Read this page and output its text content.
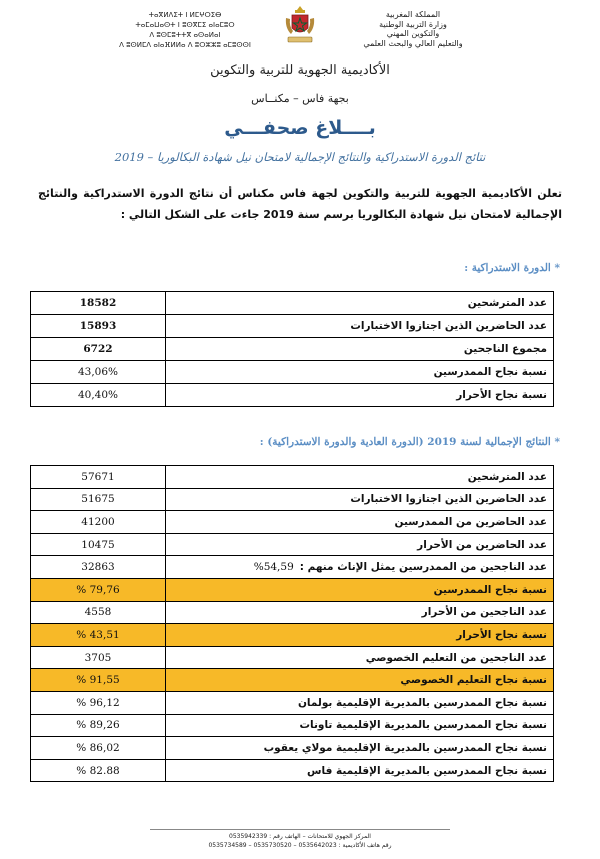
ⵜⴰⴳⵍⴷⵉⵜ ⵏ ⵍⵎⵖⵔⵉⴱ
ⵜⴰⵎⴰⵡⴰⵙⵜ ⵏ ⵓⵙⴳⵎⵉ ⴰⵏⴰⵎⵓⵔ
ⴷ ⵓⵙⵎⵓⵜⵜⴳ ⴰⵙⴰⵍⴰⵏ
ⴷ ⵓⵙⵍⵎⴷ ⴰⵏⴰⴼⵍⵍⴰ ⴷ ⵓⵔⵣⵣⵓ ⴰⵎⵓⵙⵙⵏ
المملكة المغربية
وزارة التربية الوطنية
والتكوين المهني
والتعليم العالي والبحث العلمي
الأكاديمية الجهوية للتربية والتكوين
بجهة فاس – مكنــاس
بــــلاغ صحفـــي
نتائج الدورة الاستدراكية والنتائج الإجمالية لامتحان نيل شهادة البكالوريا – 2019
تعلن الأكاديمية الجهوية للتربية والتكوين لجهة فاس مكناس أن نتائج الدورة الاستدراكية والنتائج الإجمالية لامتحان نيل شهادة البكالوريا برسم سنة 2019 جاءت على الشكل التالي :
* الدورة الاستدراكية :
عدد المترشحين	18582
عدد الحاضرين الذين اجتازوا الاختبارات	15893
مجموع الناجحين	6722
نسبة نجاح الممدرسين	43,06%
نسبة نجاح الأحرار	40,40%
* النتائج الإجمالية لسنة 2019 (الدورة العادية والدورة الاستدراكية) :
عدد المترشحين	57671
عدد الحاضرين الذين اجتازوا الاختبارات	51675
عدد الحاضرين من الممدرسين	41200
عدد الحاضرين من الأحرار	10475
عدد الناجحين من الممدرسين يمثل الإناث منهم :54,59%	32863
نسبة نجاح الممدرسين	79,76 %
عدد الناجحين من الأحرار	4558
نسبة نجاح الأحرار	43,51 %
عدد الناجحين من التعليم الخصوصي	3705
نسبة نجاح التعليم الخصوصي	91,55 %
نسبة نجاح الممدرسين بالمديرية الإقليمية بولمان	96,12 %
نسبة نجاح الممدرسين بالمديرية الإقليمية تاونات	89,26 %
نسبة نجاح الممدرسين بالمديرية الإقليمية مولاي يعقوب	86,02 %
نسبة نجاح الممدرسين بالمديرية الإقليمية فاس	82.88 %
المركز الجهوي للامتحانات – الهاتف رقم : 0535942339
رقم هاتف الأكاديمية : 0535642023 – 0535730520 – 0535734589
